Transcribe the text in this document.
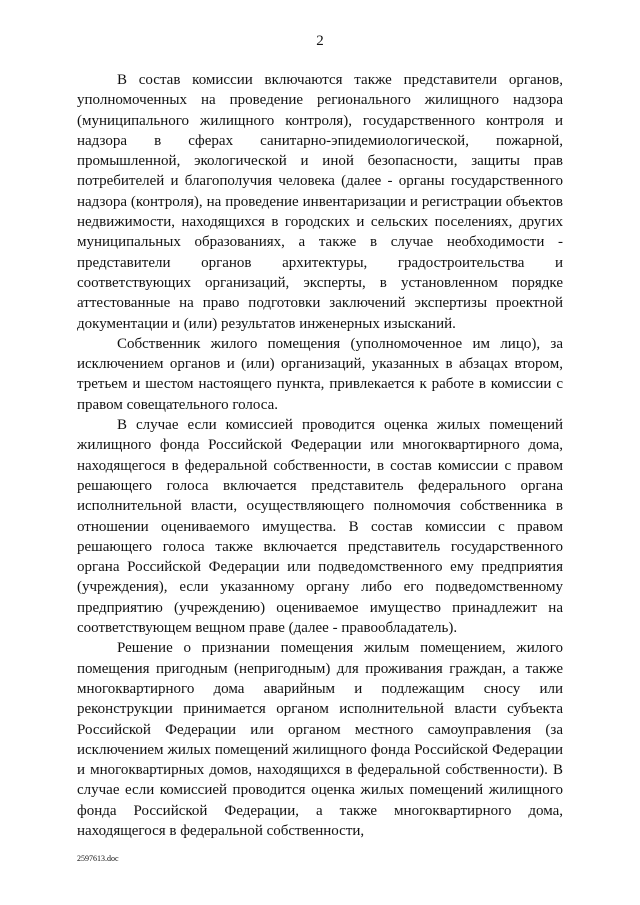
2

В состав комиссии включаются также представители органов, уполномоченных на проведение регионального жилищного надзора (муниципального жилищного контроля), государственного контроля и надзора в сферах санитарно-эпидемиологической, пожарной, промышленной, экологической и иной безопасности, защиты прав потребителей и благополучия человека (далее - органы государственного надзора (контроля), на проведение инвентаризации и регистрации объектов недвижимости, находящихся в городских и сельских поселениях, других муниципальных образованиях, а также в случае необходимости - представители органов архитектуры, градостроительства и соответствующих организаций, эксперты, в установленном порядке аттестованные на право подготовки заключений экспертизы проектной документации и (или) результатов инженерных изысканий.

Собственник жилого помещения (уполномоченное им лицо), за исключением органов и (или) организаций, указанных в абзацах втором, третьем и шестом настоящего пункта, привлекается к работе в комиссии с правом совещательного голоса.

В случае если комиссией проводится оценка жилых помещений жилищного фонда Российской Федерации или многоквартирного дома, находящегося в федеральной собственности, в состав комиссии с правом решающего голоса включается представитель федерального органа исполнительной власти, осуществляющего полномочия собственника в отношении оцениваемого имущества. В состав комиссии с правом решающего голоса также включается представитель государственного органа Российской Федерации или подведомственного ему предприятия (учреждения), если указанному органу либо его подведомственному предприятию (учреждению) оцениваемое имущество принадлежит на соответствующем вещном праве (далее - правообладатель).

Решение о признании помещения жилым помещением, жилого помещения пригодным (непригодным) для проживания граждан, а также многоквартирного дома аварийным и подлежащим сносу или реконструкции принимается органом исполнительной власти субъекта Российской Федерации или органом местного самоуправления (за исключением жилых помещений жилищного фонда Российской Федерации и многоквартирных домов, находящихся в федеральной собственности). В случае если комиссией проводится оценка жилых помещений жилищного фонда Российской Федерации, а также многоквартирного дома, находящегося в федеральной собственности,

2597613.doc
